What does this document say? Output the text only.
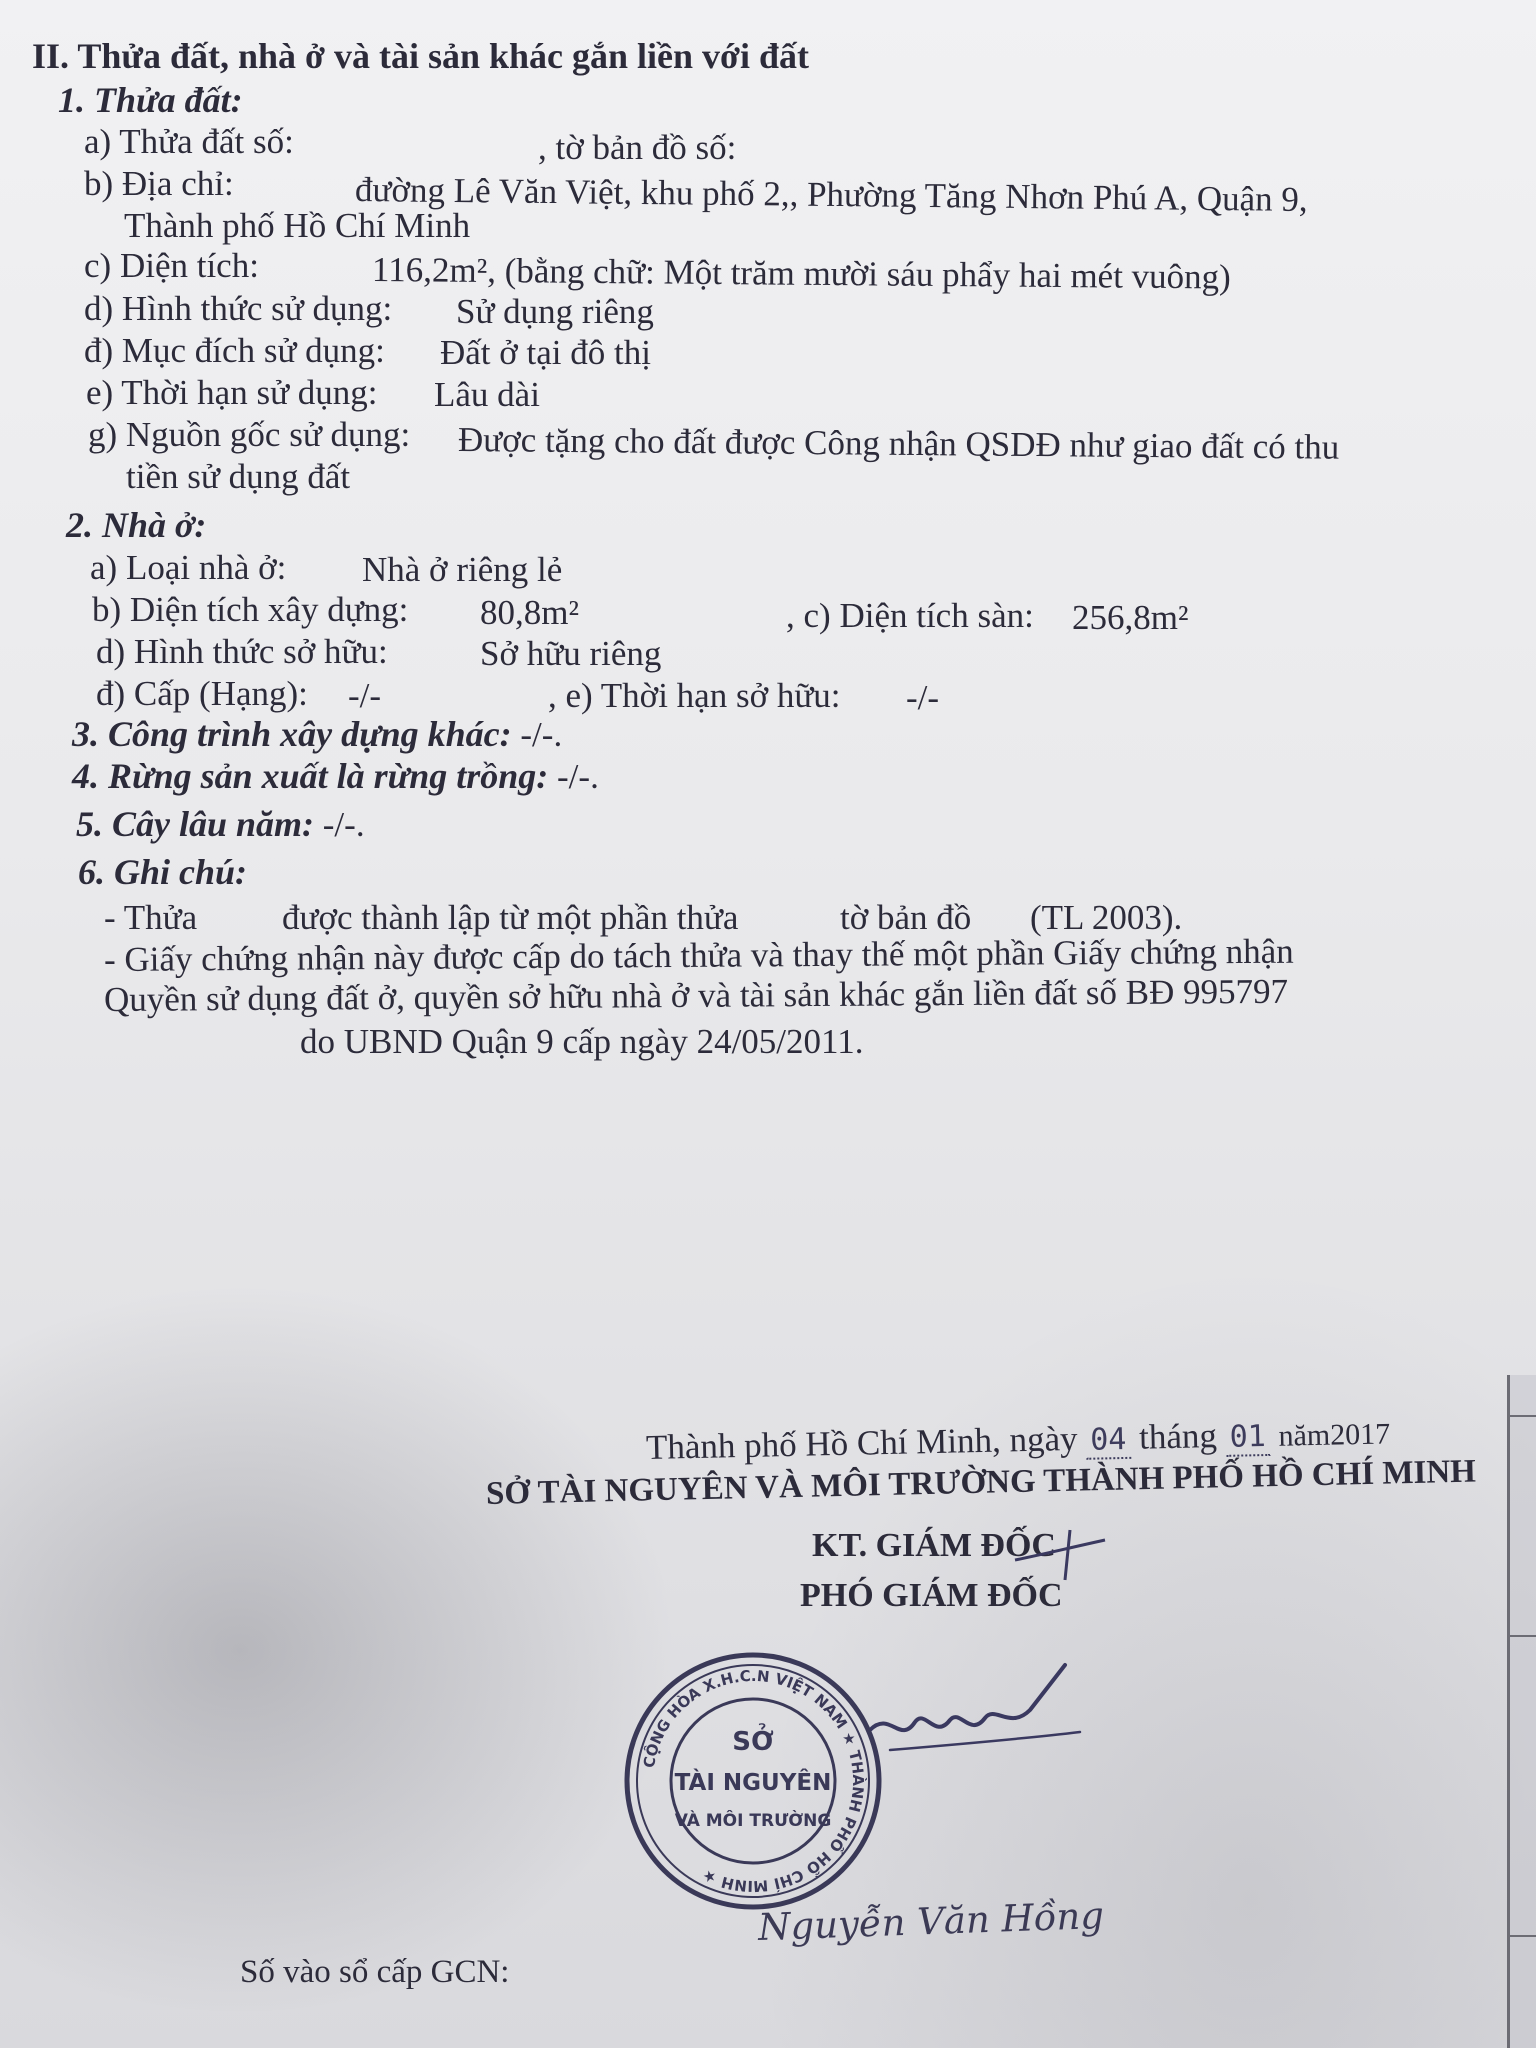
II. Thửa đất, nhà ở và tài sản khác gắn liền với đất
1. Thửa đất:
a) Thửa đất số:	, tờ bản đồ số:
b) Địa chỉ:	đường Lê Văn Việt, khu phố 2,, Phường Tăng Nhơn Phú A, Quận 9,
Thành phố Hồ Chí Minh
c) Diện tích:	116,2m², (bằng chữ: Một trăm mười sáu phẩy hai mét vuông)
d) Hình thức sử dụng: Sử dụng riêng
đ) Mục đích sử dụng: Đất ở tại đô thị
e) Thời hạn sử dụng: Lâu dài
g) Nguồn gốc sử dụng: Được tặng cho đất được Công nhận QSDĐ như giao đất có thu
tiền sử dụng đất
2. Nhà ở:
a) Loại nhà ở: Nhà ở riêng lẻ
b) Diện tích xây dựng: 80,8m²	, c) Diện tích sàn: 256,8m²
d) Hình thức sở hữu:	Sở hữu riêng
đ) Cấp (Hạng): -/-	, e) Thời hạn sở hữu: -/-
3. Công trình xây dựng khác: -/-.
4. Rừng sản xuất là rừng trồng: -/-.
5. Cây lâu năm: -/-.
6. Ghi chú:
- Thửa được thành lập từ một phần thửa	tờ bản đồ (TL 2003).
- Giấy chứng nhận này được cấp do tách thửa và thay thế một phần Giấy chứng nhận
Quyền sử dụng đất ở, quyền sở hữu nhà ở và tài sản khác gắn liền đất số BĐ 995797
do UBND Quận 9 cấp ngày 24/05/2011.
Thành phố Hồ Chí Minh, ngày 04 tháng 01 năm2017
SỞ TÀI NGUYÊN VÀ MÔI TRƯỜNG THÀNH PHỐ HỒ CHÍ MINH
KT. GIÁM ĐỐC
PHÓ GIÁM ĐỐC
CỘNG HÒA X.H.C.N VIỆT NAM ★ THÀNH PHỐ HỒ CHÍ MINH ★
SỞ
TÀI NGUYÊN
VÀ MÔI TRƯỜNG
Nguyễn Văn Hồng
Số vào sổ cấp GCN:
